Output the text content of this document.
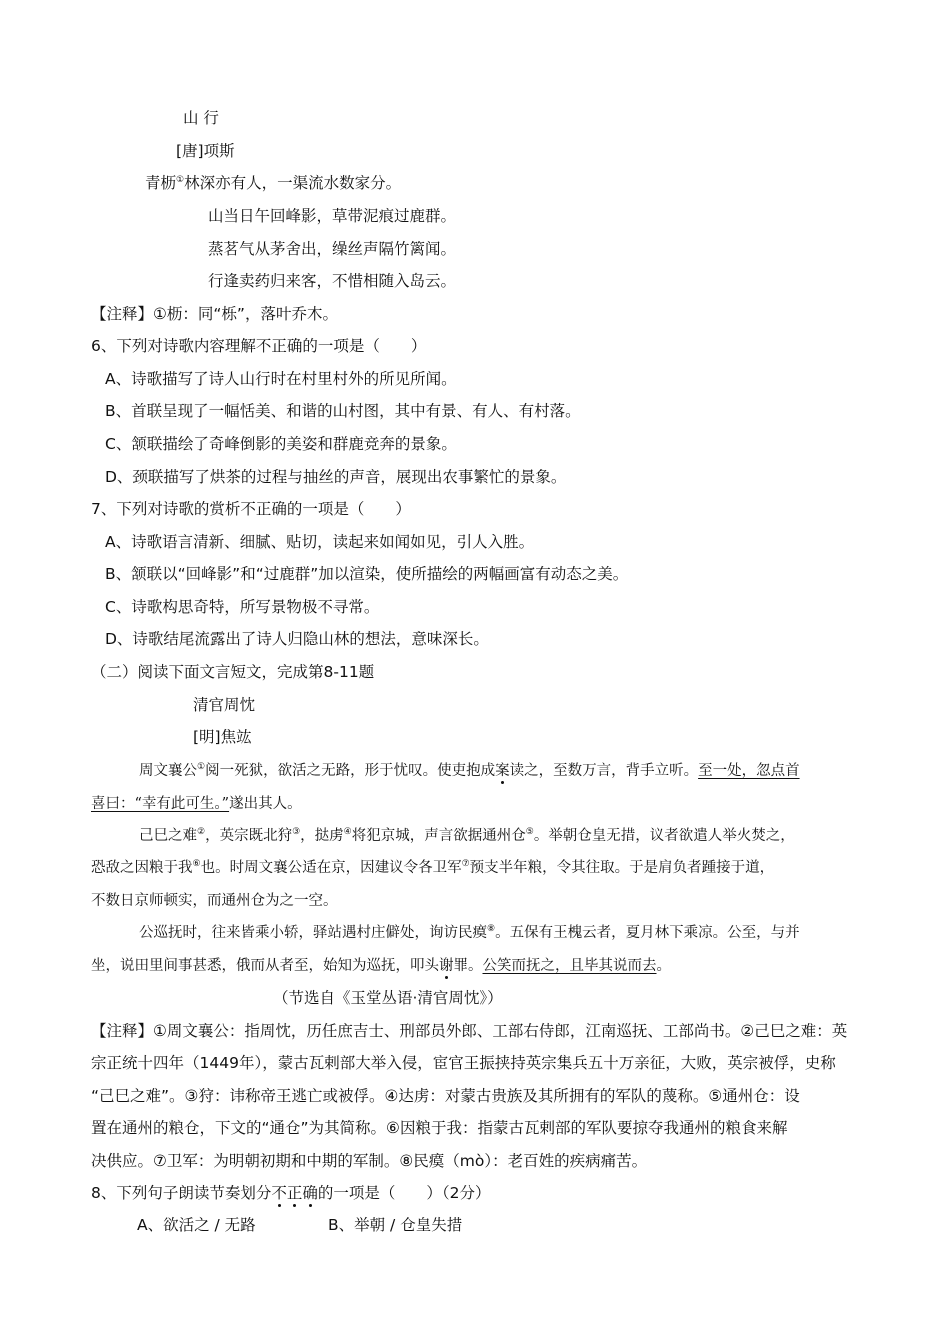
山 行
[唐]项斯
青枥①林深亦有人，一渠流水数家分。
山当日午回峰影，草带泥痕过鹿群。
蒸茗气从茅舍出，缲丝声隔竹篱闻。
行逢卖药归来客，不惜相随入岛云。
【注释】①枥：同“栎”，落叶乔木。
6、下列对诗歌内容理解不正确的一项是（　　）
A、诗歌描写了诗人山行时在村里村外的所见所闻。
B、首联呈现了一幅恬美、和谐的山村图，其中有景、有人、有村落。
C、颔联描绘了奇峰倒影的美姿和群鹿竞奔的景象。
D、颈联描写了烘茶的过程与抽丝的声音，展现出农事繁忙的景象。
7、下列对诗歌的赏析不正确的一项是（　　）
A、诗歌语言清新、细腻、贴切，读起来如闻如见，引人入胜。
B、颔联以“回峰影”和“过鹿群”加以渲染，使所描绘的两幅画富有动态之美。
C、诗歌构思奇特，所写景物极不寻常。
D、诗歌结尾流露出了诗人归隐山林的想法，意味深长。
（二）阅读下面文言短文，完成第8-11题
清官周忱
[明]焦竑
周文襄公①阅一死狱，欲活之无路，形于忧叹。使吏抱成案读之，至数万言，背手立听。至一处，忽点首
喜曰：“幸有此可生。”遂出其人。
己巳之难②，英宗既北狩③，挞虏④将犯京城，声言欲据通州仓⑤。举朝仓皇无措，议者欲遣人举火焚之，
恐敌之因粮于我⑥也。时周文襄公适在京，因建议令各卫军⑦预支半年粮，令其往取。于是肩负者踵接于道，
不数日京师顿实，而通州仓为之一空。
公巡抚时，往来皆乘小轿，驿站遇村庄僻处，询访民瘼⑧。五保有王槐云者，夏月林下乘凉。公至，与并
坐，说田里间事甚悉，俄而从者至，始知为巡抚，叩头谢罪。公笑而抚之，且毕其说而去。
（节选自《玉堂丛语·清官周忱》）
【注释】①周文襄公：指周忱，历任庶吉士、刑部员外郎、工部右侍郎，江南巡抚、工部尚书。②己巳之难：英
宗正统十四年（1449年），蒙古瓦剌部大举入侵，宦官王振挟持英宗集兵五十万亲征，大败，英宗被俘，史称
“己巳之难”。③狩：讳称帝王逃亡或被俘。④达虏：对蒙古贵族及其所拥有的军队的蔑称。⑤通州仓：设
置在通州的粮仓，下文的“通仓”为其简称。⑥因粮于我：指蒙古瓦剌部的军队要掠夺我通州的粮食来解
决供应。⑦卫军：为明朝初期和中期的军制。⑧民瘼（mò）：老百姓的疾病痛苦。
8、下列句子朗读节奏划分不正确的一项是（　　）（2分）
A、欲活之 / 无路	B、举朝 / 仓皇失措
